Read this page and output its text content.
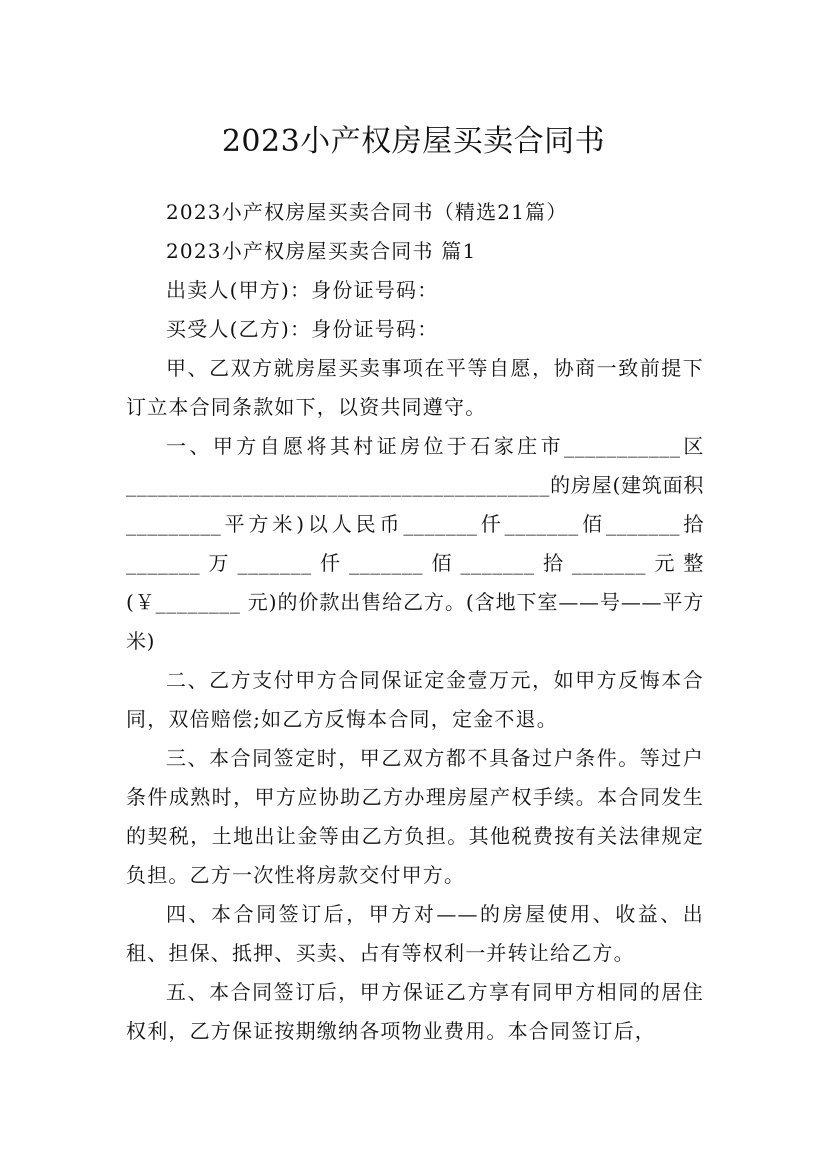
2023小产权房屋买卖合同书

2023小产权房屋买卖合同书（精选21篇）

2023小产权房屋买卖合同书 篇1

出卖人(甲方)：身份证号码：

买受人(乙方)：身份证号码：

甲、乙双方就房屋买卖事项在平等自愿，协商一致前提下订立本合同条款如下，以资共同遵守。

一、甲方自愿将其村证房位于石家庄市___________区________________________________________的房屋(建筑面积_________平方米)以人民币_______仟_______佰_______拾_______万_______仟_______佰_______拾_______元整(￥________ 元)的价款出售给乙方。(含地下室——号——平方米)

二、乙方支付甲方合同保证定金壹万元，如甲方反悔本合同，双倍赔偿;如乙方反悔本合同，定金不退。

三、本合同签定时，甲乙双方都不具备过户条件。等过户条件成熟时，甲方应协助乙方办理房屋产权手续。本合同发生的契税，土地出让金等由乙方负担。其他税费按有关法律规定负担。乙方一次性将房款交付甲方。

四、本合同签订后，甲方对——的房屋使用、收益、出租、担保、抵押、买卖、占有等权利一并转让给乙方。

五、本合同签订后，甲方保证乙方享有同甲方相同的居住权利，乙方保证按期缴纳各项物业费用。本合同签订后，
